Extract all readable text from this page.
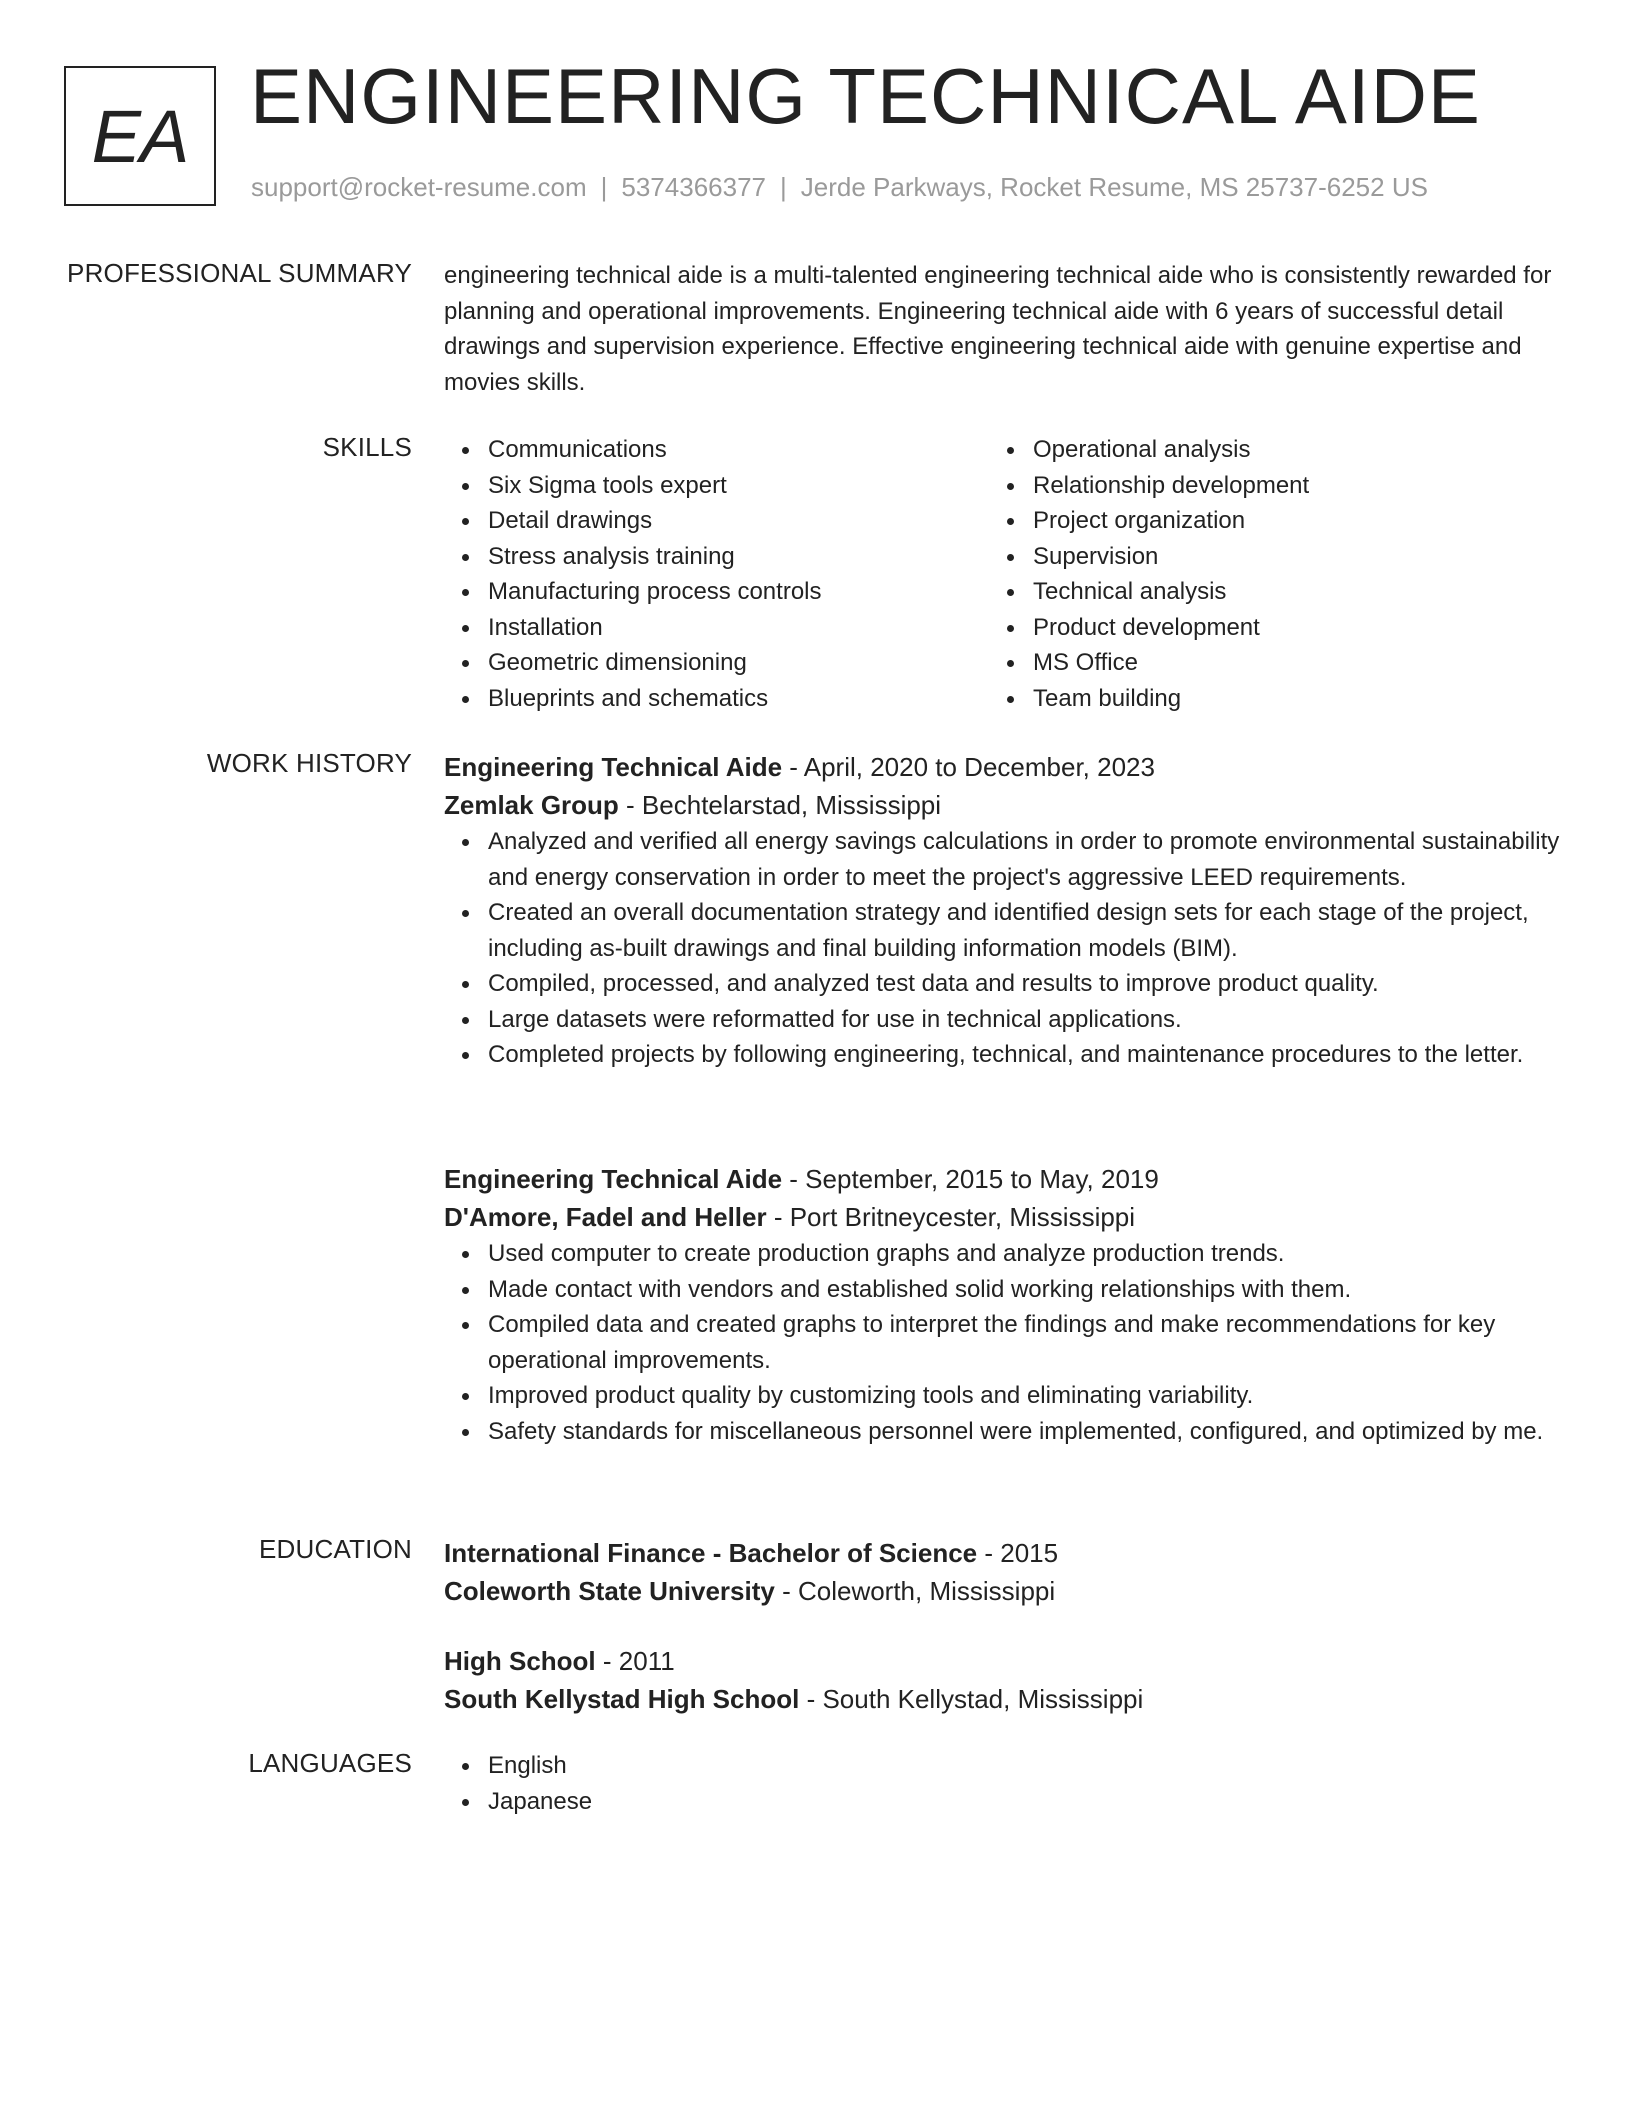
EA ENGINEERING TECHNICAL AIDE
support@rocket-resume.com | 5374366377 | Jerde Parkways, Rocket Resume, MS 25737-6252 US
PROFESSIONAL SUMMARY engineering technical aide is a multi-talented engineering technical aide who is consistently rewarded for planning and operational improvements. Engineering technical aide with 6 years of successful detail drawings and supervision experience. Effective engineering technical aide with genuine expertise and movies skills.

SKILLS	Communications
Six Sigma tools expert
Detail drawings
Stress analysis training
Manufacturing process controls
Installation
Geometric dimensioning
Blueprints and schematics
Operational analysis
Relationship development
Project organization
Supervision
Technical analysis
Product development
MS Office
Team building
WORK HISTORY Engineering Technical Aide - April, 2020 to December, 2023
Zemlak Group - Bechtelarstad, Mississippi
Analyzed and verified all energy savings calculations in order to promote environmental sustainability and energy conservation in order to meet the project's aggressive LEED requirements.
Created an overall documentation strategy and identified design sets for each stage of the project, including as-built drawings and final building information models (BIM).
Compiled, processed, and analyzed test data and results to improve product quality.
Large datasets were reformatted for use in technical applications.
Completed projects by following engineering, technical, and maintenance procedures to the letter.
Engineering Technical Aide - September, 2015 to May, 2019
D'Amore, Fadel and Heller - Port Britneycester, Mississippi
Used computer to create production graphs and analyze production trends.
Made contact with vendors and established solid working relationships with them.
Compiled data and created graphs to interpret the findings and make recommendations for key operational improvements.
Improved product quality by customizing tools and eliminating variability.
Safety standards for miscellaneous personnel were implemented, configured, and optimized by me.
EDUCATION International Finance - Bachelor of Science - 2015
Coleworth State University - Coleworth, Mississippi
High School - 2011
South Kellystad High School - South Kellystad, Mississippi
LANGUAGES	English
Japanese
